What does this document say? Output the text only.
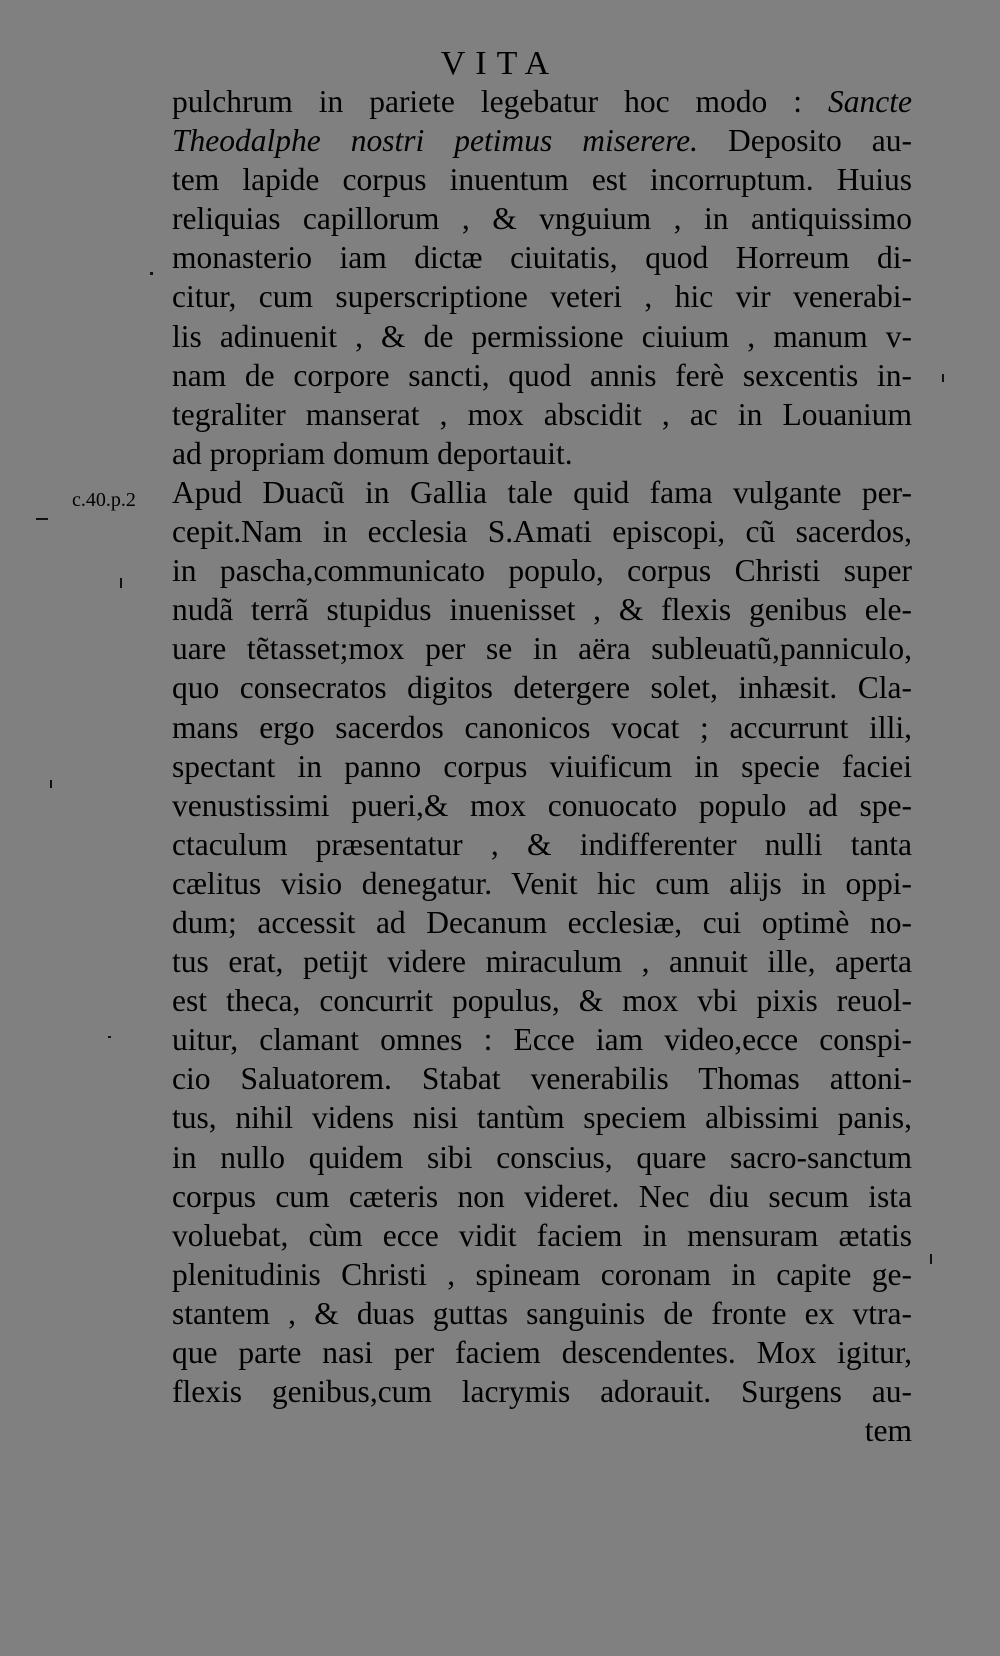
VITA
c.40.p.2
pulchrum in pariete legebatur hoc modo : Sancte
Theodalphe nostri petimus miserere. Deposito au-
tem lapide corpus inuentum est incorruptum. Huius
reliquias capillorum , & vnguium , in antiquissimo
monasterio iam dictæ ciuitatis, quod Horreum di-
citur, cum superscriptione veteri , hic vir venerabi-
lis adinuenit , & de permissione ciuium , manum v-
nam de corpore sancti, quod annis ferè sexcentis in-
tegraliter manserat , mox abscidit , ac in Louanium
ad propriam domum deportauit.
Apud Duacũ in Gallia tale quid fama vulgante per-
cepit.Nam in ecclesia S.Amati episcopi, cũ sacerdos,
in pascha,communicato populo, corpus Christi super
nudã terrã stupidus inuenisset , & flexis genibus ele-
uare tẽtasset;mox per se in aëra subleuatũ,panniculo,
quo consecratos digitos detergere solet, inhæsit. Cla-
mans ergo sacerdos canonicos vocat ; accurrunt illi,
spectant in panno corpus viuificum in specie faciei
venustissimi pueri,& mox conuocato populo ad spe-
ctaculum præsentatur , & indifferenter nulli tanta
cælitus visio denegatur. Venit hic cum alijs in oppi-
dum; accessit ad Decanum ecclesiæ, cui optimè no-
tus erat, petijt videre miraculum , annuit ille, aperta
est theca, concurrit populus, & mox vbi pixis reuol-
uitur, clamant omnes : Ecce iam video,ecce conspi-
cio Saluatorem. Stabat venerabilis Thomas attoni-
tus, nihil videns nisi tantùm speciem albissimi panis,
in nullo quidem sibi conscius, quare sacro-sanctum
corpus cum cæteris non videret. Nec diu secum ista
voluebat, cùm ecce vidit faciem in mensuram ætatis
plenitudinis Christi , spineam coronam in capite ge-
stantem , & duas guttas sanguinis de fronte ex vtra-
que parte nasi per faciem descendentes. Mox igitur,
flexis genibus,cum lacrymis adorauit. Surgens au-
tem
